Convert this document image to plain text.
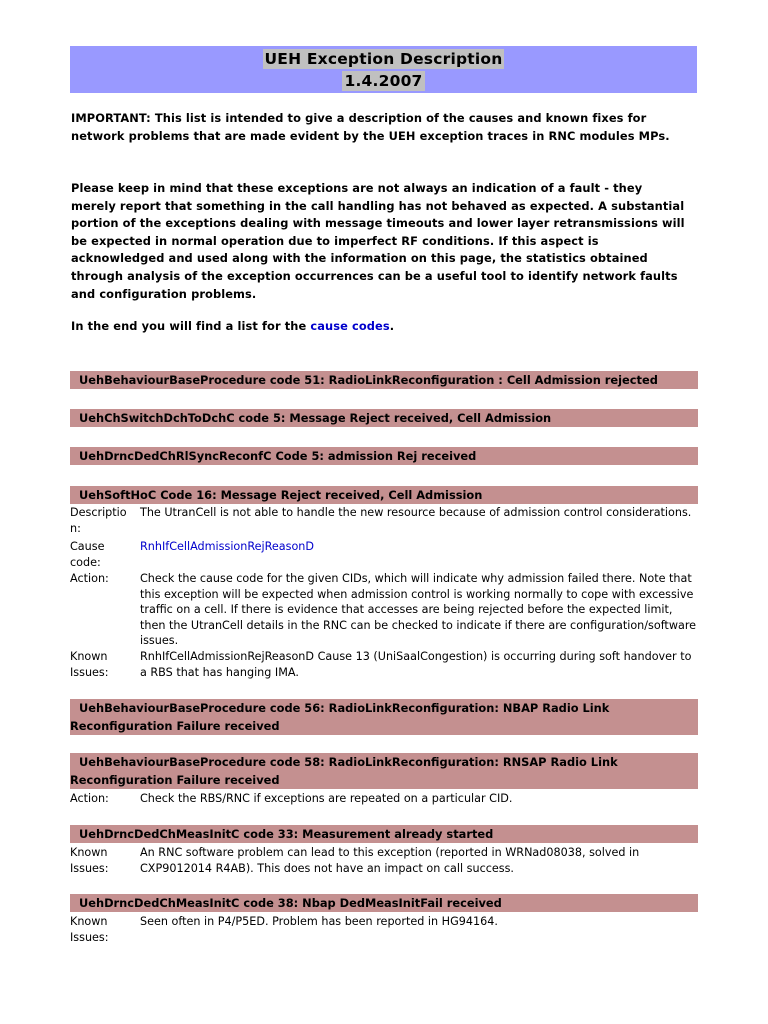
UEH Exception Description
1.4.2007

IMPORTANT: This list is intended to give a description of the causes and known fixes for network problems that are made evident by the UEH exception traces in RNC modules MPs.

Please keep in mind that these exceptions are not always an indication of a fault - they merely report that something in the call handling has not behaved as expected. A substantial portion of the exceptions dealing with message timeouts and lower layer retransmissions will be expected in normal operation due to imperfect RF conditions. If this aspect is acknowledged and used along with the information on this page, the statistics obtained through analysis of the exception occurrences can be a useful tool to identify network faults and configuration problems.

In the end you will find a list for the cause codes.

UehBehaviourBaseProcedure code 51: RadioLinkReconfiguration : Cell Admission rejected
UehChSwitchDchToDchC code 5: Message Reject received, Cell Admission
UehDrncDedChRlSyncReconfC Code 5: admission Rej received
UehSoftHoC Code 16: Message Reject received, Cell Admission
Descriptio
n:
The UtranCell is not able to handle the new resource because of admission control considerations.
Cause
code:
RnhIfCellAdmissionRejReasonD
Action:	Check the cause code for the given CIDs, which will indicate why admission failed there. Note that this exception will be expected when admission control is working normally to cope with excessive traffic on a cell. If there is evidence that accesses are being rejected before the expected limit, then the UtranCell details in the RNC can be checked to indicate if there are configuration/software issues.
Known
Issues:
RnhIfCellAdmissionRejReasonD Cause 13 (UniSaalCongestion) is occurring during soft handover to a RBS that has hanging IMA.
UehBehaviourBaseProcedure code 56: RadioLinkReconfiguration: NBAP Radio Link
Reconfiguration Failure received
UehBehaviourBaseProcedure code 58: RadioLinkReconfiguration: RNSAP Radio Link
Reconfiguration Failure received
Action:	Check the RBS/RNC if exceptions are repeated on a particular CID.
UehDrncDedChMeasInitC code 33: Measurement already started
Known
Issues:
An RNC software problem can lead to this exception (reported in WRNad08038, solved in CXP9012014 R4AB). This does not have an impact on call success.
UehDrncDedChMeasInitC code 38: Nbap DedMeasInitFail received
Known
Issues:
Seen often in P4/P5ED. Problem has been reported in HG94164.
